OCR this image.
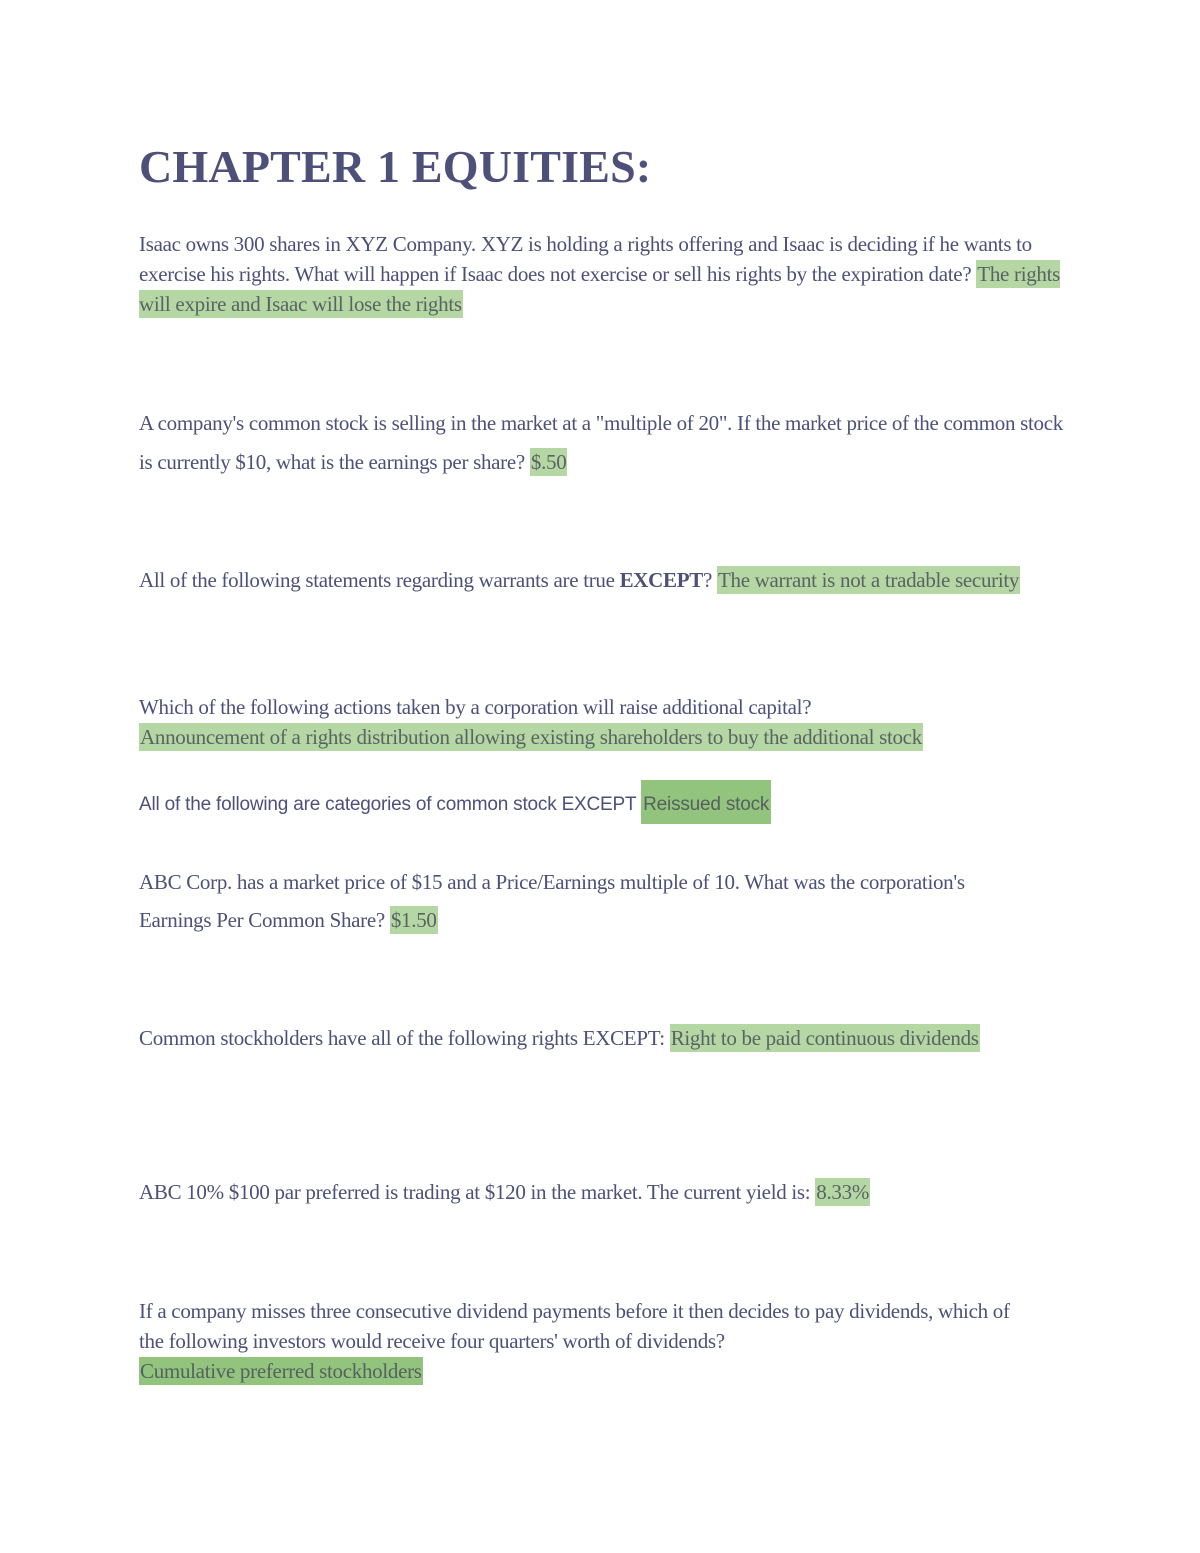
CHAPTER 1 EQUITIES:

Isaac owns 300 shares in XYZ Company. XYZ is holding a rights offering and Isaac is deciding if he wants to exercise his rights. What will happen if Isaac does not exercise or sell his rights by the expiration date? The rights will expire and Isaac will lose the rights

A company's common stock is selling in the market at a "multiple of 20". If the market price of the common stock is currently $10, what is the earnings per share? $.50

All of the following statements regarding warrants are true EXCEPT? The warrant is not a tradable security

Which of the following actions taken by a corporation will raise additional capital?
Announcement of a rights distribution allowing existing shareholders to buy the additional stock

All of the following are categories of common stock EXCEPT Reissued stock

ABC Corp. has a market price of $15 and a Price/Earnings multiple of 10. What was the corporation's Earnings Per Common Share? $1.50

Common stockholders have all of the following rights EXCEPT: Right to be paid continuous dividends

ABC 10% $100 par preferred is trading at $120 in the market. The current yield is: 8.33%

If a company misses three consecutive dividend payments before it then decides to pay dividends, which of the following investors would receive four quarters' worth of dividends?
Cumulative preferred stockholders
